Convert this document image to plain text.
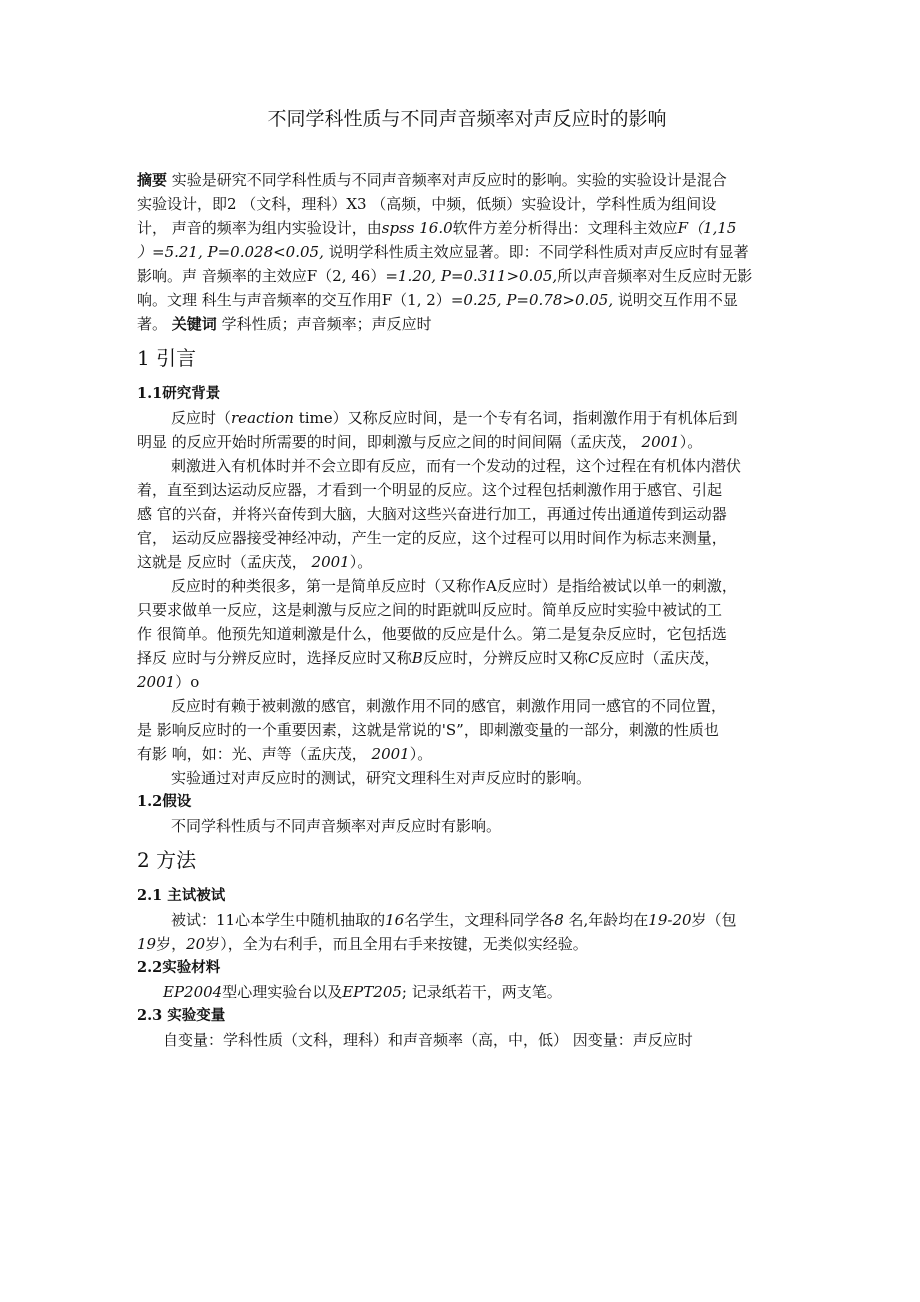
不同学科性质与不同声音频率对声反应时的影响
摘要 实验是研究不同学科性质与不同声音频率对声反应时的影响。实验的实验设计是混合
实验设计，即2 （文科，理科）X3 （高频，中频，低频）实验设计，学科性质为组间设
计， 声音的频率为组内实验设计，由spss 16.0软件方差分析得出：文理科主效应F（1,15
）=5.21, P=0.028<0.05, 说明学科性质主效应显著。即：不同学科性质对声反应时有显著
影响。声 音频率的主效应F（2, 46）=1.20, P=0.311>0.05,所以声音频率对生反应时无影
响。文理 科生与声音频率的交互作用F（1, 2）=0.25, P=0.78>0.05, 说明交互作用不显
著。 关键词 学科性质；声音频率；声反应时
1 引言
1.1研究背景
反应时（reaction time）又称反应时间，是一个专有名词，指刺激作用于有机体后到
明显 的反应开始时所需要的时间，即刺激与反应之间的时间间隔（孟庆茂， 2001）。
刺激进入有机体时并不会立即有反应，而有一个发动的过程，这个过程在有机体内潜伏
着，直至到达运动反应器，才看到一个明显的反应。这个过程包括刺激作用于感官、引起
感 官的兴奋，并将兴奋传到大脑，大脑对这些兴奋进行加工，再通过传出通道传到运动器
官， 运动反应器接受神经冲动，产生一定的反应，这个过程可以用时间作为标志来测量，
这就是 反应时（孟庆茂， 2001）。
反应时的种类很多，第一是简单反应时（又称作A反应时）是指给被试以单一的刺激，
只要求做单一反应，这是刺激与反应之间的时距就叫反应时。简单反应时实验中被试的工
作 很简单。他预先知道刺激是什么，他要做的反应是什么。第二是复杂反应时，它包括选
择反 应时与分辨反应时，选择反应时又称B反应时，分辨反应时又称C反应时（孟庆茂，
2001）o
反应时有赖于被刺激的感官，刺激作用不同的感官，刺激作用同一感官的不同位置，
是 影响反应时的一个重要因素，这就是常说的'S”，即刺激变量的一部分，刺激的性质也
有影 响，如：光、声等（孟庆茂， 2001）。
实验通过对声反应时的测试，研究文理科生对声反应时的影响。
1.2假设
不同学科性质与不同声音频率对声反应时有影响。
2 方法
2.1 主试被试
被试：11心本学生中随机抽取的16名学生，文理科同学各8 名,年龄均在19-20岁（包
19岁，20岁），全为右利手，而且全用右手来按键，无类似实经验。
2.2实验材料
EP2004型心理实验台以及EPT205; 记录纸若干，两支笔。
2.3 实验变量
自变量：学科性质（文科，理科）和声音频率（高，中，低） 因变量：声反应时
